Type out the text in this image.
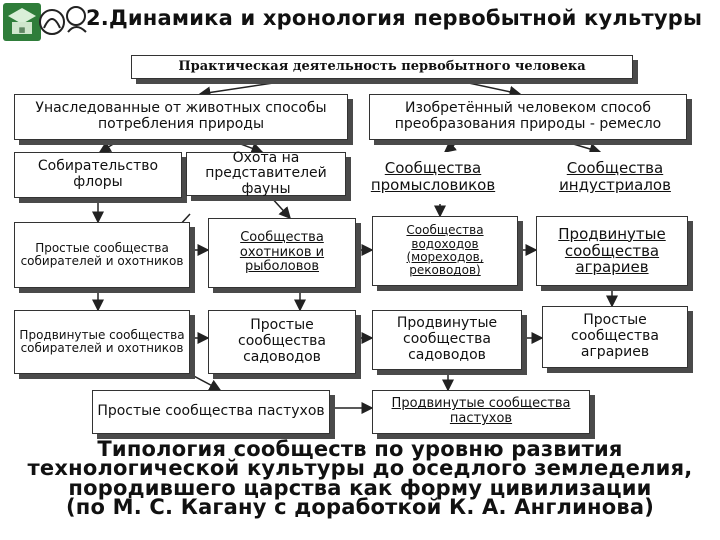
▦	2.Динамика и хронология первобытной культуры
Практическая деятельность первобытного человека
Унаследованные от животных способы потребления природы
Изобретённый человеком способ преобразования природы - ремесло
Собирательство флоры
Охота на представителей фауны
Сообщества промысловиков
Сообщества индустриалов
Простые сообщества собирателей и охотников
Сообщества охотников и рыболовов
Сообщества водоходов (мореходов, реководов)
Продвинутые сообщества аграриев
Продвинутые сообщества собирателей и охотников
Простые сообщества садоводов
Продвинутые сообщества садоводов
Простые сообщества аграриев
Простые сообщества пастухов	Продвинутые сообщества пастухов
Типология сообществ по уровню развития
технологической культуры до оседлого земледелия,
породившего царства как форму цивилизации
(по М. С. Кагану с доработкой К. А. Англинова)
